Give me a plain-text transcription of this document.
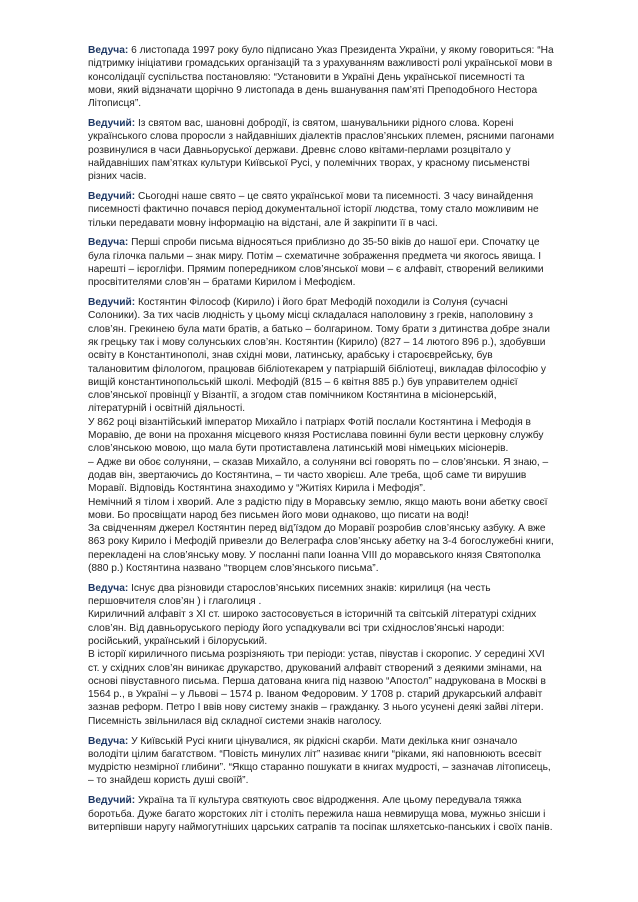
Ведуча: 6 листопада 1997 року було підписано Указ Президента України, у якому говориться: “На
підтримку ініціативи громадських організацій та з урахуванням важливості ролі української мови в
консолідації суспільства постановляю: “Установити в Україні День української писемності та
мови, який відзначати щорічно 9 листопада в день вшанування пам’яті Преподобного Нестора
Літописця”.
Ведучий: Із святом вас, шановні добродії, із святом, шанувальники рідного слова. Корені
українського слова проросли з найдавніших діалектів праслов’янських племен, рясними пагонами
розвинулися в часи Давньоруської держави. Древнє слово квітами-перлами розцвітало у
найдавніших пам’ятках культури Київської Русі, у полемічних творах, у красному письменстві
різних часів.
Ведучий: Сьогодні наше свято – це свято української мови та писемності. З часу винайдення
писемності фактично почався період документальної історії людства, тому стало можливим не
тільки передавати мовну інформацію на відстані, але й закріпити її в часі.
Ведуча: Перші спроби письма відносяться приблизно до 35-50 віків до нашої ери. Спочатку це
була гілочка пальми – знак миру. Потім – схематичне зображення предмета чи якогось явища. І
нарешті – ієрогліфи. Прямим попередником слов’янської мови – є алфавіт, створений великими
просвітителями слов’ян – братами Кирилом і Мефодієм.
Ведучий: Костянтин Філософ (Кирило) і його брат Мефодій походили із Солуня (сучасні
Солоники). За тих часів людність у цьому місці складалася наполовину з греків, наполовину з
слов’ян. Грекинею була мати братів, а батько – болгарином. Тому брати з дитинства добре знали
як грецьку так і мову солунських слов’ян. Костянтин (Кирило) (827 – 14 лютого 896 р.), здобувши
освіту в Константинополі, знав східні мови, латинську, арабську і староєврейську, був
талановитим філологом, працював бібліотекарем у патріаршій бібліотеці, викладав філософію у
вищій константинопольській школі. Мефодій (815 – 6 квітня 885 р.) був управителем однієї
слов’янської провінції у Візантії, а згодом став помічником Костянтина в місіонерській,
літературній і освітній діяльності.
У 862 році візантійський імператор Михайло і патріарх Фотій послали Костянтина і Мефодія в
Моравію, де вони на прохання місцевого князя Ростислава повинні були вести церковну службу
слов’янською мовою, що мала бути протиставлена латинській мові німецьких місіонерів.
– Адже ви обоє солуняни, – сказав Михайло, а солуняни всі говорять по – слов’янськи. Я знаю, –
додав він, звертаючись до Костянтина, – ти часто хворієш. Але треба, щоб саме ти вирушив
Моравії. Відповідь Костянтина знаходимо у “Житіях Кирила і Мефодія”.
Немічний я тілом і хворий. Але з радістю піду в Моравську землю, якщо мають вони абетку своєї
мови. Бо просвіщати народ без письмен його мови однаково, що писати на воді!
За свідченням джерел Костянтин перед від’їздом до Моравії розробив слов’янську азбуку. А вже
863 року Кирило і Мефодій привезли до Велеграфа слов’янську абетку на 3-4 богослужебні книги,
перекладені на слов’янську мову. У посланні папи Іоанна VIII до моравського князя Святополка
(880 р.) Костянтина названо “творцем слов’янського письма”.
Ведуча: Існує два різновиди старослов’янських писемних знаків: кирилиця (на честь
першовчителя слов’ян ) і глаголиця .
Кириличний алфавіт з XI ст. широко застосовується в історичній та світській літературі східних
слов’ян. Від давньоруського періоду його успадкували всі три східнослов’янські народи:
російський, український і білоруський.
В історії кириличного письма розрізняють три періоди: устав, півустав і скоропис. У середині XVI
ст. у східних слов’ян виникає друкарство, друкований алфавіт створений з деякими змінами, на
основі півуставного письма. Перша датована книга під назвою “Апостол” надрукована в Москві в
1564 р., в Україні – у Львові – 1574 р. Іваном Федоровим. У 1708 р. старий друкарський алфавіт
зазнав реформ. Петро І ввів нову систему знаків – гражданку. З нього усунені деякі зайві літери.
Писемність звільнилася від складної системи знаків наголосу.
Ведуча: У Київській Русі книги цінувалися, як рідкісні скарби. Мати декілька книг означало
володіти цілим багатством. “Повість минулих літ” називає книги “ріками, які наповнюють всесвіт
мудрістю незмірної глибини”. “Якщо старанно пошукати в книгах мудрості, – зазначав літописець,
– то знайдеш користь душі своїй”.
Ведучий: Україна та її культура святкують своє відродження. Але цьому передувала тяжка
боротьба. Дуже багато жорстоких літ і століть пережила наша невмируща мова, мужньо знісши і
витерпівши наругу наймогутніших царських сатрапів та посіпак шляхетсько-панських і своїх панів.
